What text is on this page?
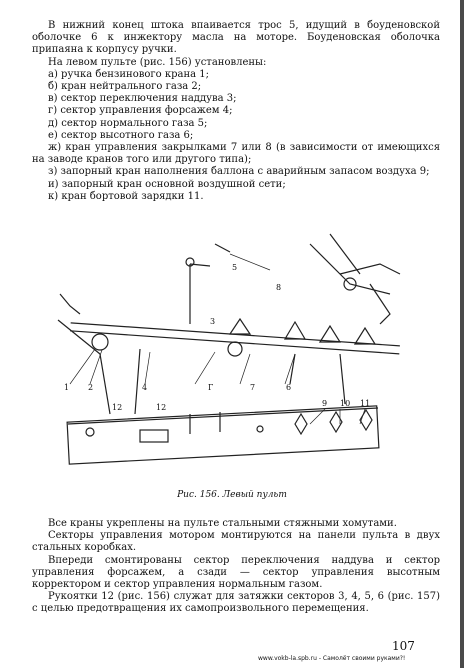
В нижний конец штока впаивается трос 5, идущий в боуденовской оболочке 6 к инжектору масла на моторе. Боуденовская оболочка припаяна к корпусу ручки.

На левом пульте (рис. 156) установлены:

а) ручка бензинового крана 1;

б) кран нейтрального газа 2;

в) сектор переключения наддува 3;

г) сектор управления форсажем 4;

д) сектор нормального газа 5;

е) сектор высотного газа 6;

ж) кран управления закрылками 7 или 8 (в зависимости от имеющихся на заводе кранов того или другого типа);

з) запорный кран наполнения баллона с аварийным запасом воздуха 9;

и) запорный кран основной воздушной сети;

к) кран бортовой зарядки 11.

1 2
3
4
5
6
7
8
9 10 11
12	12
Г
Рис. 156. Левый пульт

Все краны укреплены на пульте стальными стяжными хомутами.

Секторы управления мотором монтируются на панели пульта в двух стальных коробках.

Впереди смонтированы сектор переключения наддува и сектор управления форсажем, а сзади — сектор управления высотным корректором и сектор управления нормальным газом.

Рукоятки 12 (рис. 156) служат для затяжки секторов 3, 4, 5, 6 (рис. 157) с целью предотвращения их самопроизвольного перемещения.

107
www.vokb-la.spb.ru - Самолёт своими руками?!
